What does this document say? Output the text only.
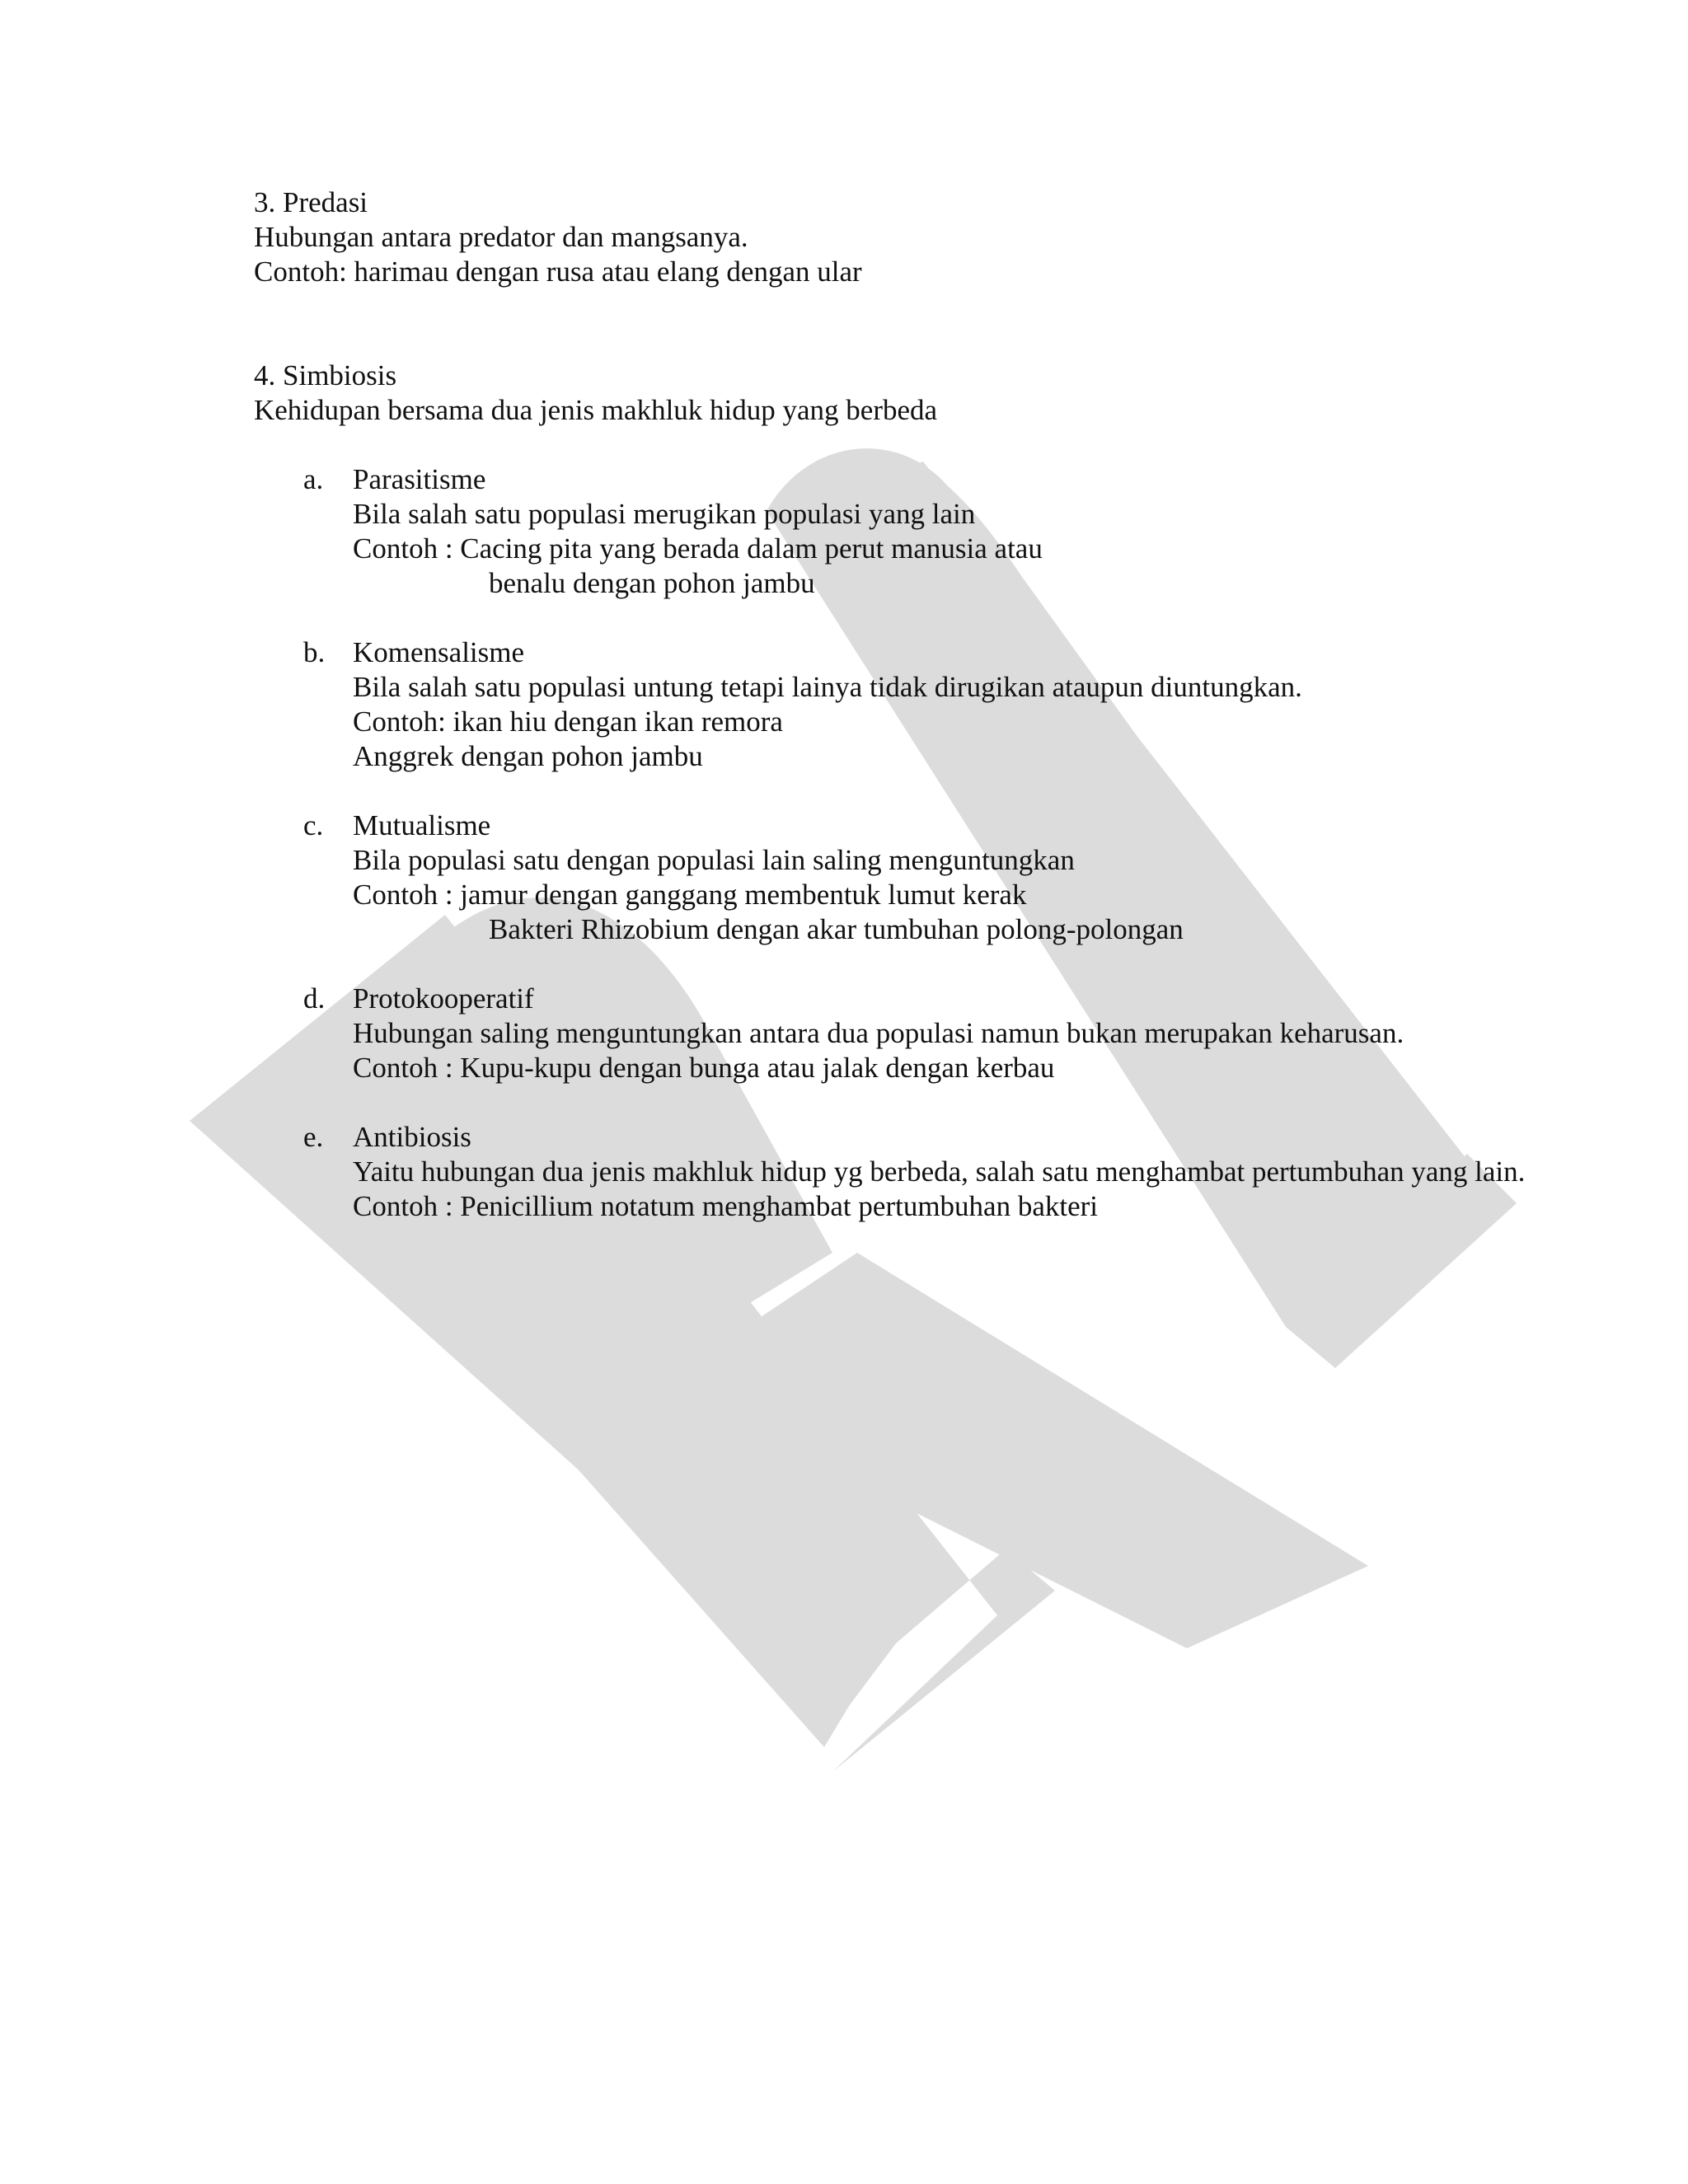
3. Predasi
Hubungan antara predator dan mangsanya.
Contoh: harimau dengan rusa atau elang dengan ular
4. Simbiosis
Kehidupan bersama dua jenis makhluk hidup yang berbeda
a. Parasitisme
Bila salah satu populasi merugikan populasi yang lain
Contoh : Cacing pita yang berada dalam perut manusia atau
benalu dengan pohon jambu
b. Komensalisme
Bila salah satu populasi untung tetapi lainya tidak dirugikan ataupun diuntungkan.
Contoh: ikan hiu dengan ikan remora
Anggrek dengan pohon jambu
c. Mutualisme
Bila populasi satu dengan populasi lain saling menguntungkan
Contoh : jamur dengan ganggang membentuk lumut kerak
Bakteri Rhizobium dengan akar tumbuhan polong-polongan
d. Protokooperatif
Hubungan saling menguntungkan antara dua populasi namun bukan merupakan keharusan.
Contoh : Kupu-kupu dengan bunga atau jalak dengan kerbau
e. Antibiosis
Yaitu hubungan dua jenis makhluk hidup yg berbeda, salah satu menghambat pertumbuhan yang lain.
Contoh : Penicillium notatum menghambat pertumbuhan bakteri
